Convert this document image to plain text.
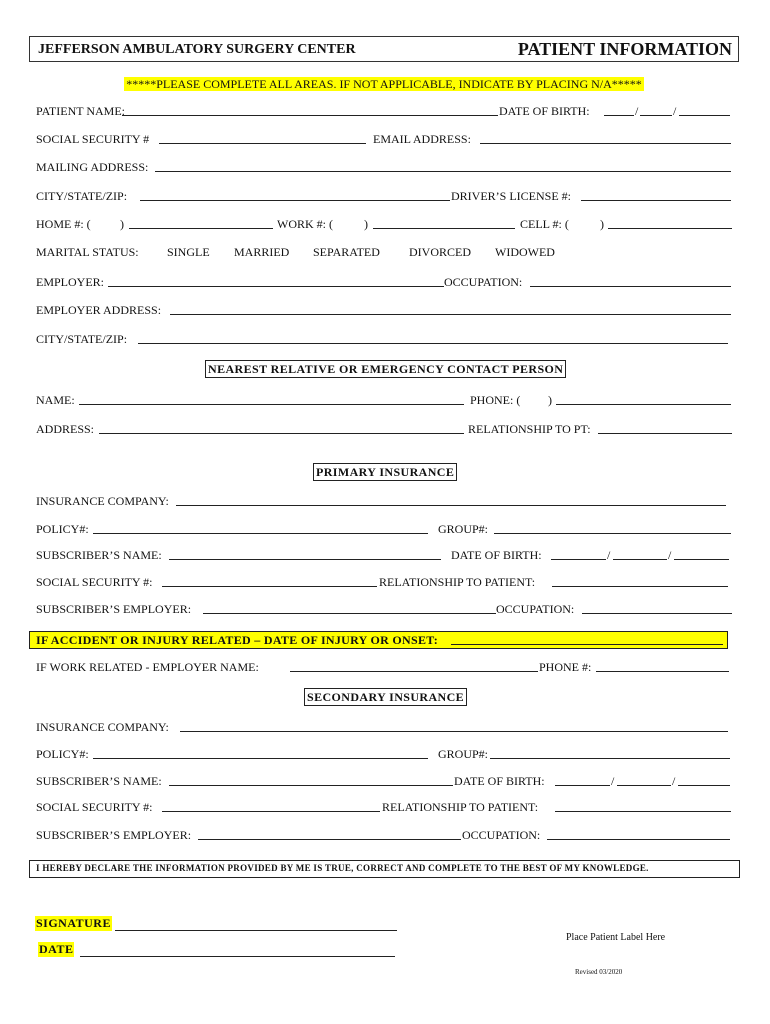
JEFFERSON AMBULATORY SURGERY CENTER	PATIENT INFORMATION
*****PLEASE COMPLETE ALL AREAS. IF NOT APPLICABLE, INDICATE BY PLACING N/A*****
PATIENT NAME:	DATE OF BIRTH:	/	/
SOCIAL SECURITY #	EMAIL ADDRESS:
MAILING ADDRESS:
CITY/STATE/ZIP:	DRIVER’S LICENSE #:
HOME #: ( )	WORK #: (	)	CELL #: (	)
MARITAL STATUS: SINGLE MARRIED SEPARATED DIVORCED WIDOWED
EMPLOYER:	OCCUPATION:
EMPLOYER ADDRESS:
CITY/STATE/ZIP:
NEAREST RELATIVE OR EMERGENCY CONTACT PERSON
NAME:	PHONE: ( )
ADDRESS:	RELATIONSHIP TO PT:
PRIMARY INSURANCE
INSURANCE COMPANY:
POLICY#:	GROUP#:
SUBSCRIBER’S NAME:	DATE OF BIRTH:	/	/
SOCIAL SECURITY #:	RELATIONSHIP TO PATIENT:
SUBSCRIBER’S EMPLOYER:	OCCUPATION:
IF ACCIDENT OR INJURY RELATED – DATE OF INJURY OR ONSET:
IF WORK RELATED - EMPLOYER NAME:	PHONE #:
SECONDARY INSURANCE
INSURANCE COMPANY:
POLICY#:	GROUP#:
SUBSCRIBER’S NAME:	DATE OF BIRTH:	/	/
SOCIAL SECURITY #:	RELATIONSHIP TO PATIENT:
SUBSCRIBER’S EMPLOYER:	OCCUPATION:
I HEREBY DECLARE THE INFORMATION PROVIDED BY ME IS TRUE, CORRECT AND COMPLETE TO THE BEST OF MY KNOWLEDGE.
SIGNATURE
DATE
Place Patient Label Here
Revised 03/2020
